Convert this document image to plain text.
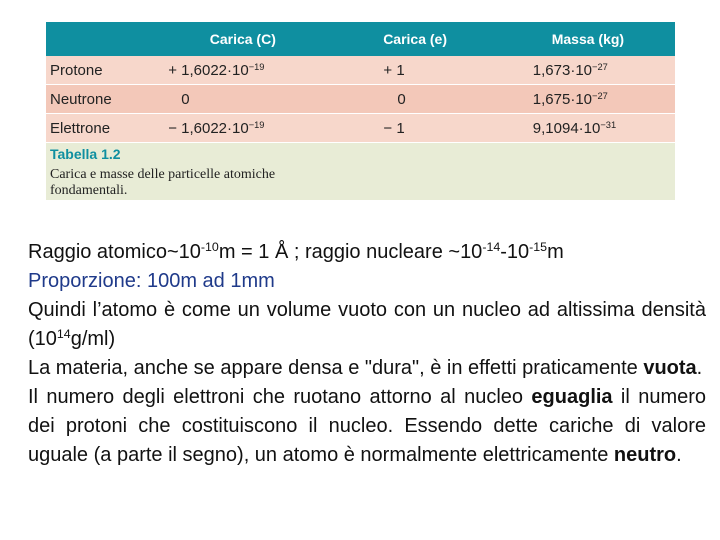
	Carica (C)	Carica (e)	Massa (kg)
Protone	+ $1,6022\cdot 10^{-19}$	+ 1	$1,673\cdot 10^{-27}$
Neutrone	0	0	$1,675\cdot 10^{-27}$
Elettrone	− $1,6022\cdot 10^{-19}$	− 1	$9,1094\cdot 10^{-31}$
Tabella 1.2
Carica e masse delle particelle atomiche fondamentali.

Raggio $atomico\sim 10^{-10}m = 1$ Å ; raggio nucleare $\sim 10^{-14}-10^{-15}m$

Proporzione: 100m ad 1mm

Quindi l’atomo è come un volume vuoto con un nucleo ad altissima densità $(10^{14}g/ml)$

La materia, anche se appare densa e "dura", è in effetti praticamente vuota.

Il numero degli elettroni che ruotano attorno al nucleo eguaglia il numero dei protoni che costituiscono il nucleo. Essendo dette cariche di valore uguale (a parte il segno), un atomo è normalmente elettricamente neutro.
